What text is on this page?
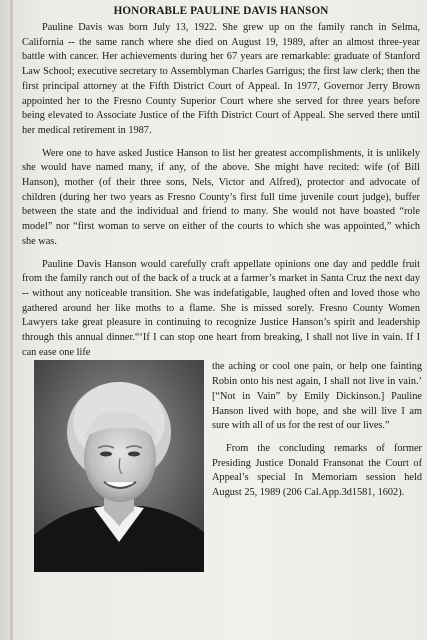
HONORABLE PAULINE DAVIS HANSON

Pauline Davis was born July 13, 1922. She grew up on the family ranch in Selma, California -- the same ranch where she died on August 19, 1989, after an almost three-year battle with cancer. Her achievements during her 67 years are remarkable: graduate of Stanford Law School; executive secretary to Assemblyman Charles Garrigus; the first law clerk; then the first principal attorney at the Fifth District Court of Appeal. In 1977, Governor Jerry Brown appointed her to the Fresno County Superior Court where she served for three years before being elevated to Associate Justice of the Fifth District Court of Appeal. She served there until her medical retirement in 1987.

Were one to have asked Justice Hanson to list her greatest accomplishments, it is unlikely she would have named many, if any, of the above. She might have recited: wife (of Bill Hanson), mother (of their three sons, Nels, Victor and Alfred), protector and advocate of children (during her two years as Fresno County’s first full time juvenile court judge), buffer between the state and the individual and friend to many. She would not have boasted “role model” nor “first woman to serve on either of the courts to which she was appointed,” which she was.

Pauline Davis Hanson would carefully craft appellate opinions one day and peddle fruit from the family ranch out of the back of a truck at a farmer’s market in Santa Cruz the next day -- without any noticeable transition. She was indefatigable, laughed often and loved those who gathered around her like moths to a flame. She is missed sorely. Fresno County Women Lawyers take great pleasure in continuing to recognize Justice Hanson’s spirit and leadership through this annual dinner.“‘If I can stop one heart from breaking, I shall not live in vain. If I can ease one life

the aching or cool one pain, or help one fainting Robin onto his nest again, I shall not live in vain.’ [“Not in Vain” by Emily Dickinson.] Pauline Hanson lived with hope, and she will live I am sure with all of us for the rest of our lives.”

From the concluding remarks of former Presiding Justice Donald Fransonat the Court of Appeal’s special In Memoriam session held August 25, 1989 (206 Cal.App.3d1581, 1602).
